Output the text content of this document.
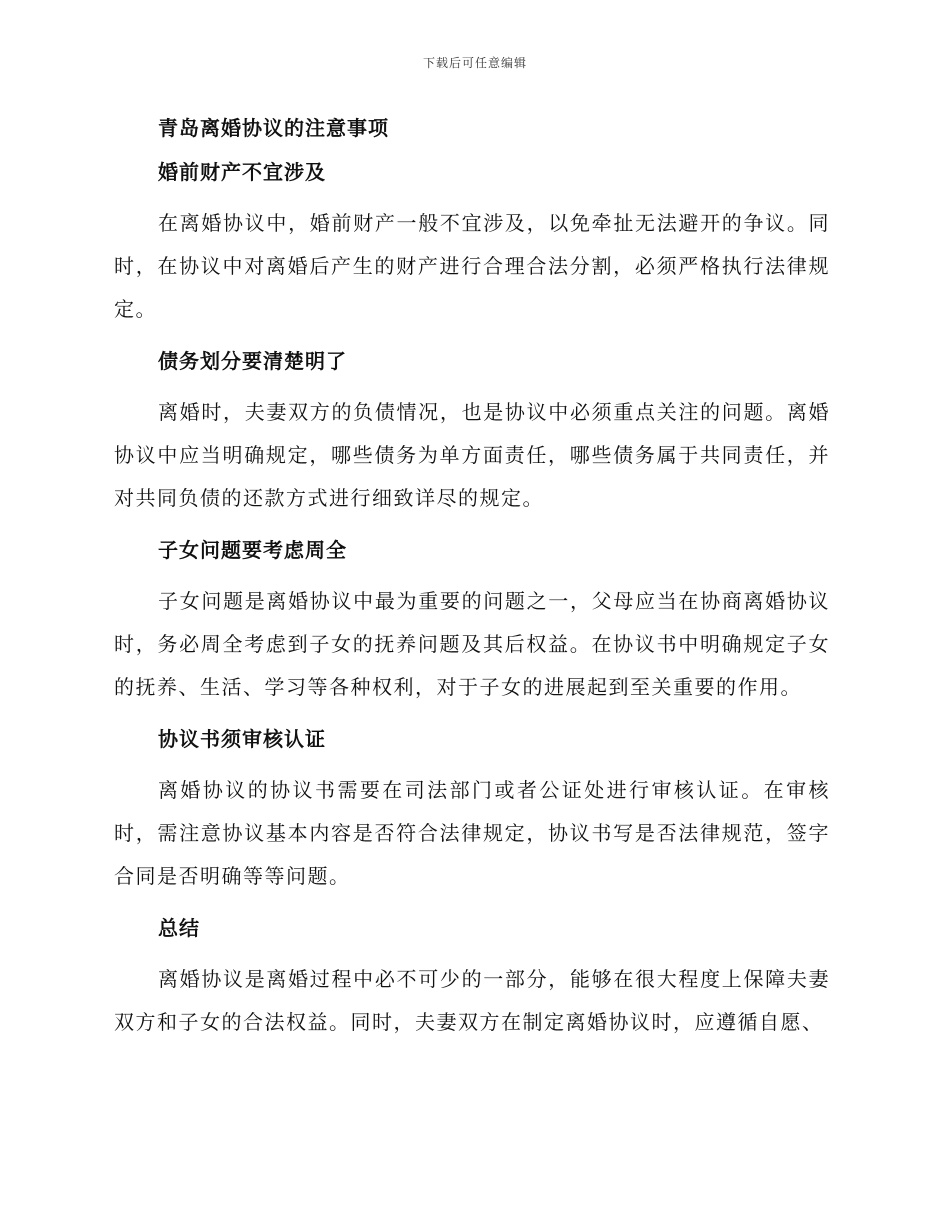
下载后可任意编辑
青岛离婚协议的注意事项
婚前财产不宜涉及

在离婚协议中，婚前财产一般不宜涉及，以免牵扯无法避开的争议。同时，在协议中对离婚后产生的财产进行合理合法分割，必须严格执行法律规定。

债务划分要清楚明了

离婚时，夫妻双方的负债情况，也是协议中必须重点关注的问题。离婚协议中应当明确规定，哪些债务为单方面责任，哪些债务属于共同责任，并对共同负债的还款方式进行细致详尽的规定。

子女问题要考虑周全

子女问题是离婚协议中最为重要的问题之一，父母应当在协商离婚协议时，务必周全考虑到子女的抚养问题及其后权益。在协议书中明确规定子女的抚养、生活、学习等各种权利，对于子女的进展起到至关重要的作用。

协议书须审核认证

离婚协议的协议书需要在司法部门或者公证处进行审核认证。在审核时，需注意协议基本内容是否符合法律规定，协议书写是否法律规范，签字合同是否明确等等问题。

总结

离婚协议是离婚过程中必不可少的一部分，能够在很大程度上保障夫妻双方和子女的合法权益。同时，夫妻双方在制定离婚协议时，应遵循自愿、
